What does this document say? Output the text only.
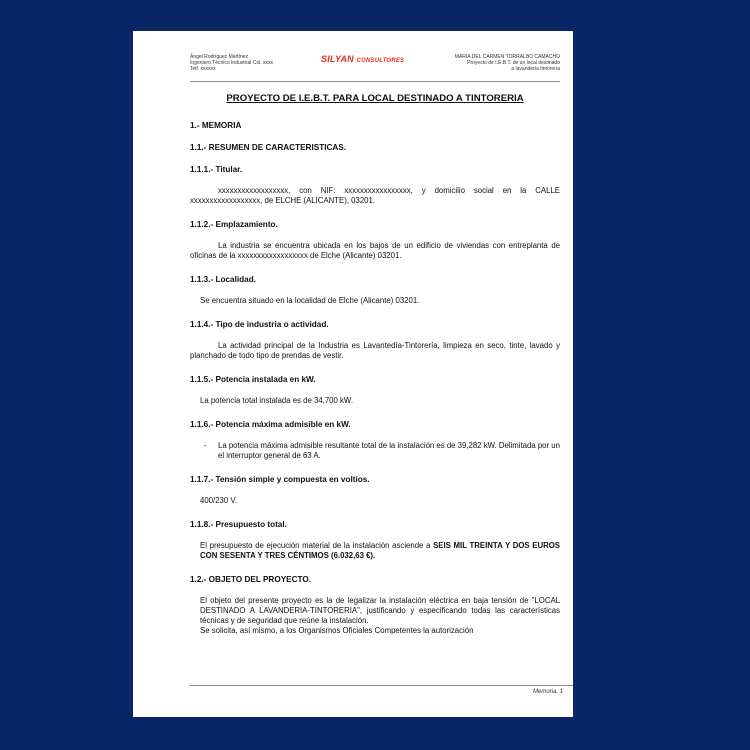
Ángel Rodríguez Martínez
Ingeniero Técnico Industrial Col. xxxx
Telf. xxxxxx
SILYAN CONSULTORES
MARIA DEL CARMEN TORRALBO CAMACHO
Proyecto de I.E.B.T. de un local destinado
a lavandería tintorería
PROYECTO DE I.E.B.T. PARA LOCAL DESTINADO A TINTORERIA
1.- MEMORIA
1.1.- RESUMEN DE CARACTERISTICAS.
1.1.1.- Titular.

xxxxxxxxxxxxxxxxxx, con NIF: xxxxxxxxxxxxxxxxx, y domicilio social en la CALLE xxxxxxxxxxxxxxxxxx, de ELCHE (ALICANTE), 03201.

1.1.2.- Emplazamiento.

La industria se encuentra ubicada en los bajos de un edificio de viviendas con entreplanta de oficinas de la xxxxxxxxxxxxxxxxxx de Elche (Alicante) 03201.

1.1.3.- Localidad.

Se encuentra situado en la localidad de Elche (Alicante) 03201.

1.1.4.- Tipo de industria o actividad.

La actividad principal de la Industria es Lavantedía-Tintorería, limpieza en seco, tinte, lavado y planchado de todo tipo de prendas de vestir.

1.1.5.- Potencia instalada en kW.

La potencia total instalada es de 34,700 kW.

1.1.6.- Potencia máxima admisible en kW.
-	La potencia máxima admisible resultante total de la instalación es de 39,282 kW. Delimitada por un el interruptor general de 63 A.
1.1.7.- Tensión simple y compuesta en voltios.

400/230 V.

1.1.8.- Presupuesto total.

El presupuesto de ejecución material de la instalación asciende a SEIS MIL TREINTA Y DOS EUROS CON SESENTA Y TRES CÉNTIMOS (6.032,63 €).

1.2.- OBJETO DEL PROYECTO.

El objeto del presente proyecto es la de legalizar la instalación eléctrica en baja tensión de "LOCAL DESTINADO A LAVANDERIA-TINTORERIA", justificando y especificando todas las características técnicas y de seguridad que reúne la instalación.

Se solicita, así mismo, a los Organismos Oficiales Competentes la autorización

Memoria. 1
